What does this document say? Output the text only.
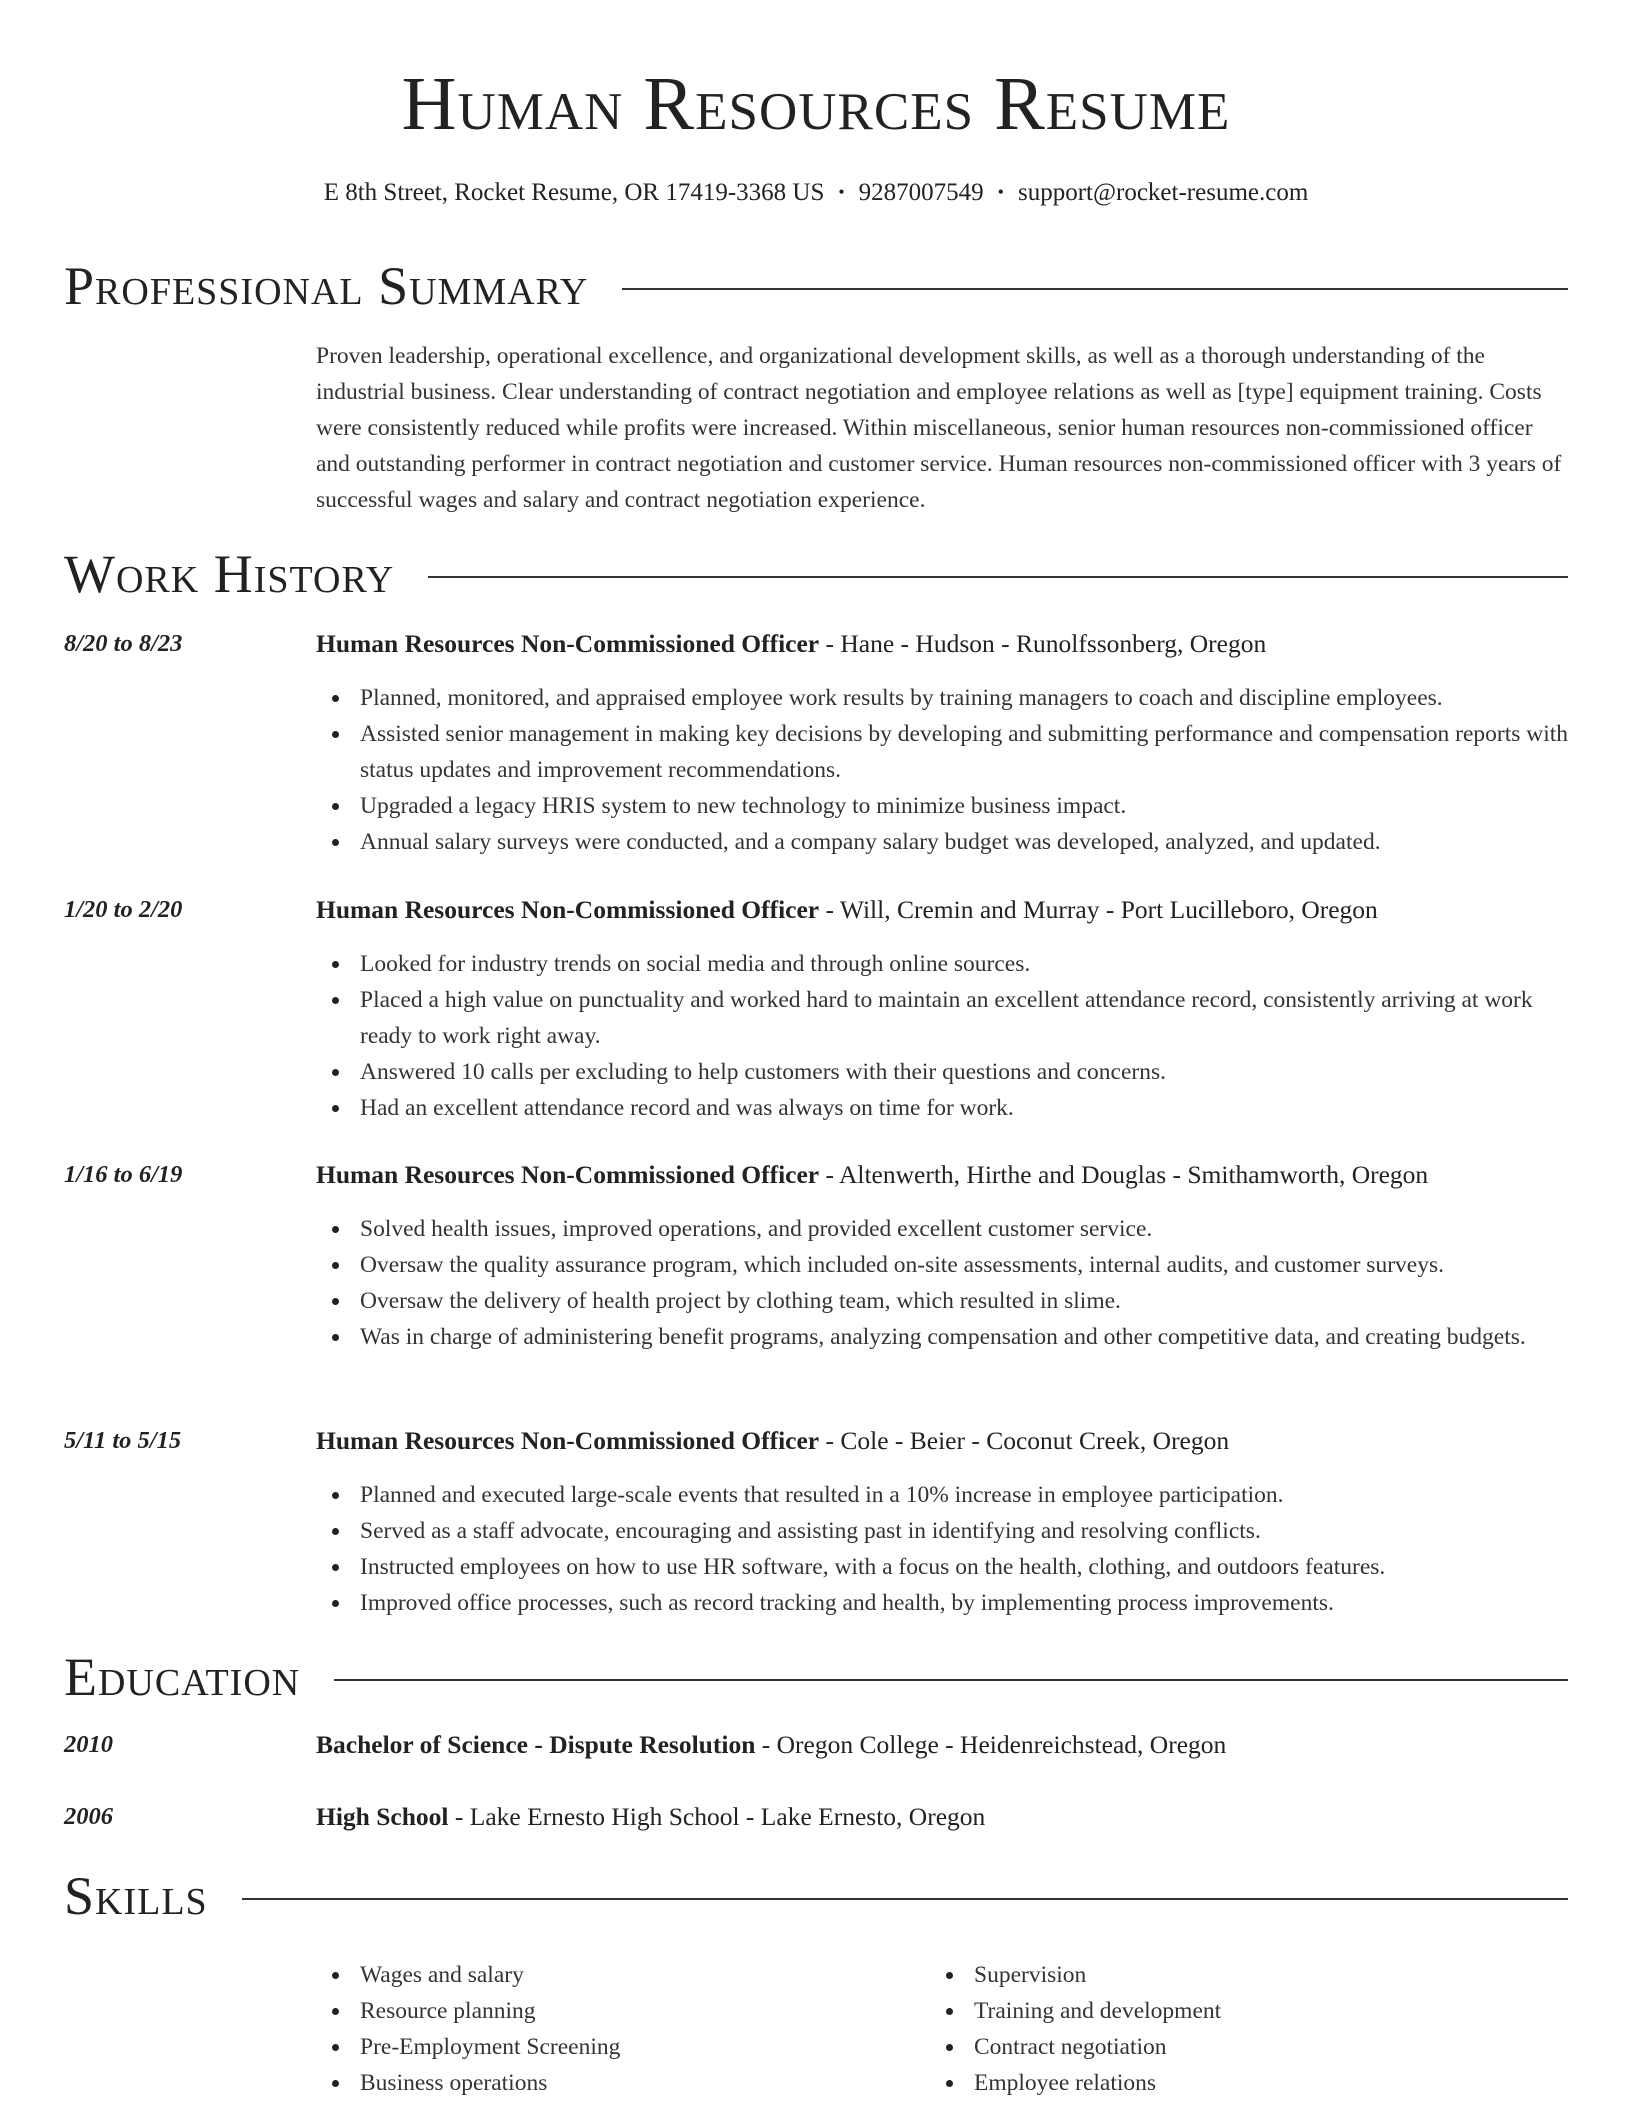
Human Resources Resume
E 8th Street, Rocket Resume, OR 17419-3368 US • 9287007549 • support@rocket-resume.com
Professional Summary
Proven leadership, operational excellence, and organizational development skills, as well as a thorough understanding of the industrial business. Clear understanding of contract negotiation and employee relations as well as [type] equipment training. Costs were consistently reduced while profits were increased. Within miscellaneous, senior human resources non-commissioned officer and outstanding performer in contract negotiation and customer service. Human resources non-commissioned officer with 3 years of successful wages and salary and contract negotiation experience.
Work History
8/20 to 8/23	Human Resources Non-Commissioned Officer - Hane - Hudson - Runolfssonberg, Oregon
Planned, monitored, and appraised employee work results by training managers to coach and discipline employees.
Assisted senior management in making key decisions by developing and submitting performance and compensation reports with status updates and improvement recommendations.
Upgraded a legacy HRIS system to new technology to minimize business impact.
Annual salary surveys were conducted, and a company salary budget was developed, analyzed, and updated.
1/20 to 2/20	Human Resources Non-Commissioned Officer - Will, Cremin and Murray - Port Lucilleboro, Oregon
Looked for industry trends on social media and through online sources.
Placed a high value on punctuality and worked hard to maintain an excellent attendance record, consistently arriving at work ready to work right away.
Answered 10 calls per excluding to help customers with their questions and concerns.
Had an excellent attendance record and was always on time for work.
1/16 to 6/19	Human Resources Non-Commissioned Officer - Altenwerth, Hirthe and Douglas - Smithamworth, Oregon
Solved health issues, improved operations, and provided excellent customer service.
Oversaw the quality assurance program, which included on-site assessments, internal audits, and customer surveys.
Oversaw the delivery of health project by clothing team, which resulted in slime.
Was in charge of administering benefit programs, analyzing compensation and other competitive data, and creating budgets.
5/11 to 5/15	Human Resources Non-Commissioned Officer - Cole - Beier - Coconut Creek, Oregon
Planned and executed large-scale events that resulted in a 10% increase in employee participation.
Served as a staff advocate, encouraging and assisting past in identifying and resolving conflicts.
Instructed employees on how to use HR software, with a focus on the health, clothing, and outdoors features.
Improved office processes, such as record tracking and health, by implementing process improvements.
Education
2010	Bachelor of Science - Dispute Resolution - Oregon College - Heidenreichstead, Oregon
2006	High School - Lake Ernesto High School - Lake Ernesto, Oregon
Skills
Wages and salary
Resource planning
Pre-Employment Screening
Business operations
Supervision
Training and development
Contract negotiation
Employee relations
